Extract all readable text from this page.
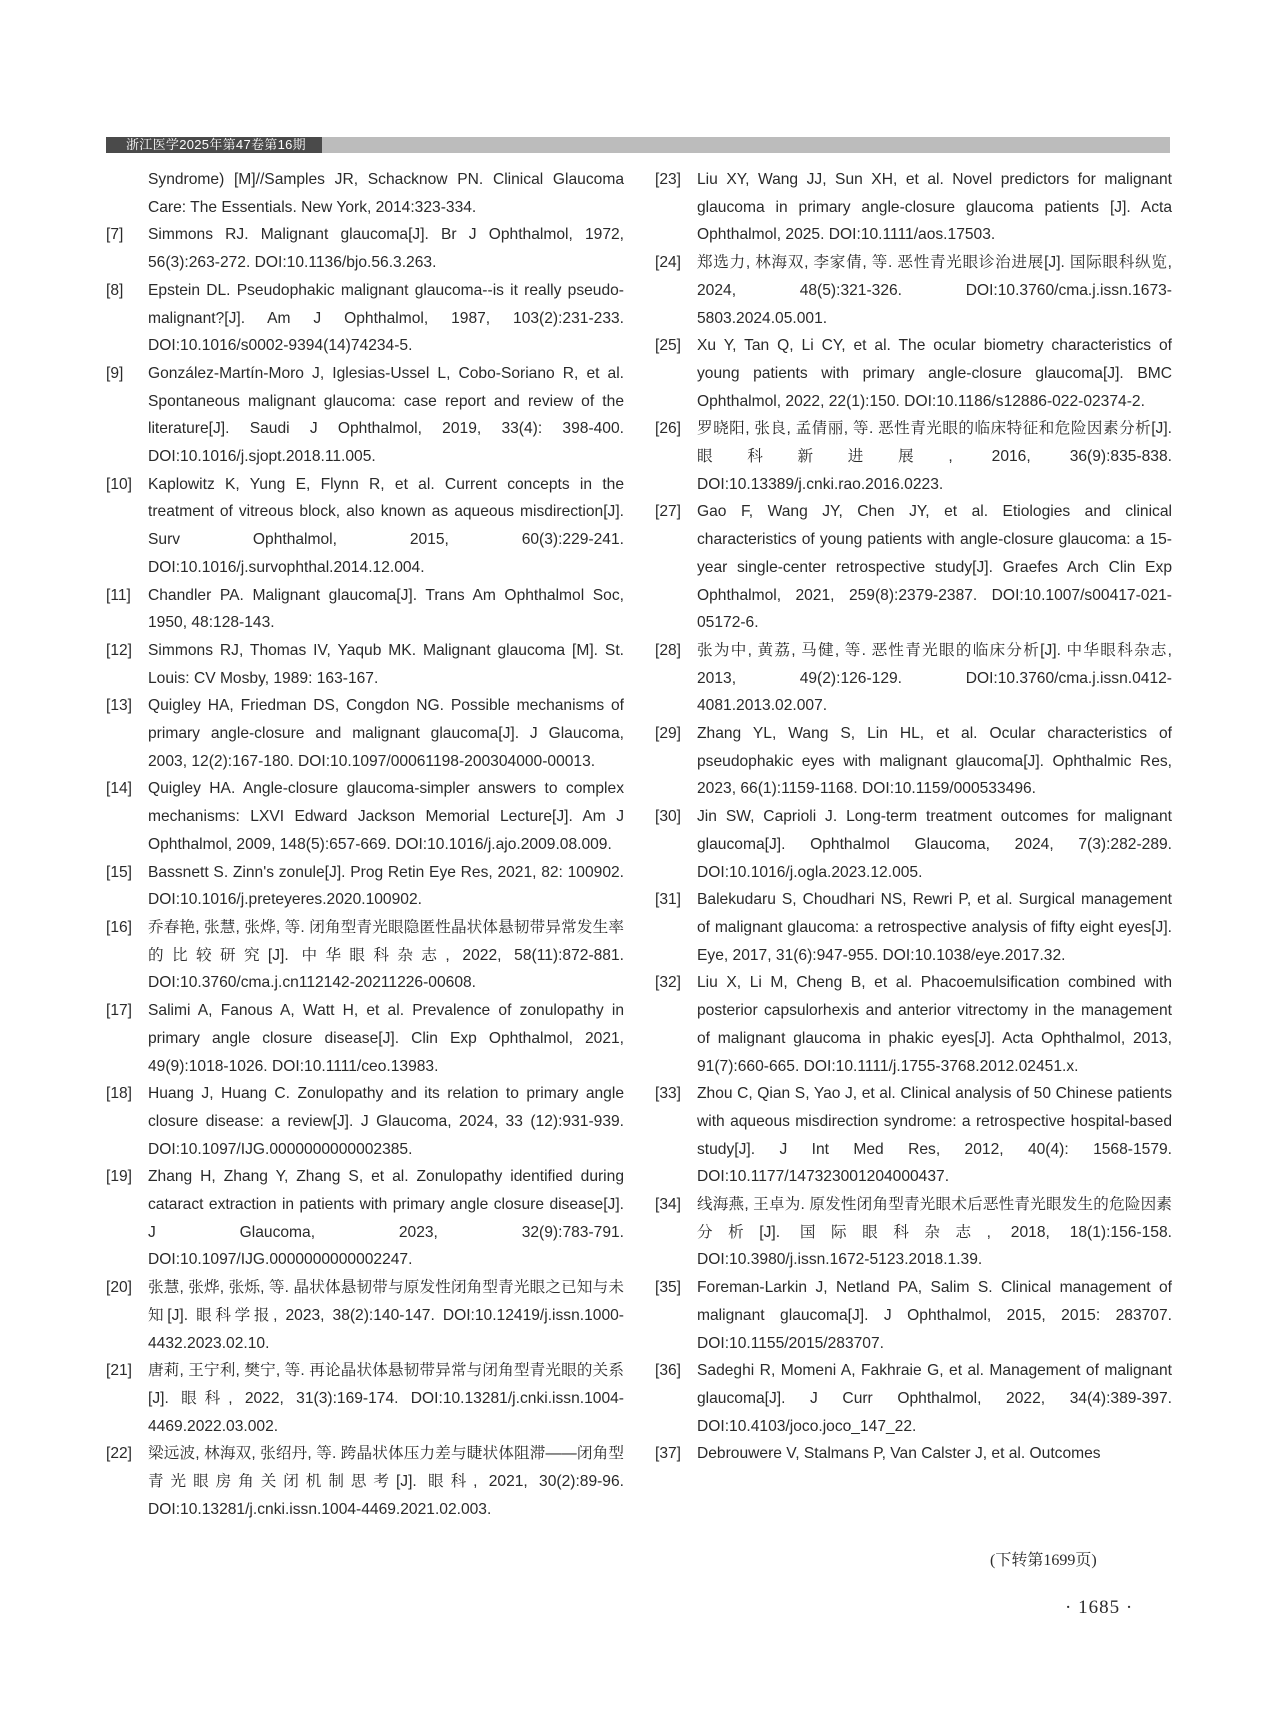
浙江医学2025年第47卷第16期
Syndrome) [M]//Samples JR, Schacknow PN. Clinical Glaucoma Care: The Essentials. New York, 2014:323-334.
[7] Simmons RJ. Malignant glaucoma[J]. Br J Ophthalmol, 1972, 56(3):263-272. DOI:10.1136/bjo.56.3.263.
[8] Epstein DL. Pseudophakic malignant glaucoma--is it really pseudo-malignant?[J]. Am J Ophthalmol, 1987, 103(2):231-233. DOI:10.1016/s0002-9394(14)74234-5.
[9] González-Martín-Moro J, Iglesias-Ussel L, Cobo-Soriano R, et al. Spontaneous malignant glaucoma: case report and review of the literature[J]. Saudi J Ophthalmol, 2019, 33(4): 398-400. DOI:10.1016/j.sjopt.2018.11.005.
[10] Kaplowitz K, Yung E, Flynn R, et al. Current concepts in the treatment of vitreous block, also known as aqueous misdirection[J]. Surv Ophthalmol, 2015, 60(3):229-241. DOI:10.1016/j.survophthal.2014.12.004.
[11] Chandler PA. Malignant glaucoma[J]. Trans Am Ophthalmol Soc, 1950, 48:128-143.
[12] Simmons RJ, Thomas IV, Yaqub MK. Malignant glaucoma [M]. St. Louis: CV Mosby, 1989: 163-167.
[13] Quigley HA, Friedman DS, Congdon NG. Possible mechanisms of primary angle-closure and malignant glaucoma[J]. J Glaucoma, 2003, 12(2):167-180. DOI:10.1097/00061198-200304000-00013.
[14] Quigley HA. Angle-closure glaucoma-simpler answers to complex mechanisms: LXVI Edward Jackson Memorial Lecture[J]. Am J Ophthalmol, 2009, 148(5):657-669. DOI:10.1016/j.ajo.2009.08.009.
[15] Bassnett S. Zinn's zonule[J]. Prog Retin Eye Res, 2021, 82: 100902. DOI:10.1016/j.preteyeres.2020.100902.
[16] 乔春艳, 张慧, 张烨, 等. 闭角型青光眼隐匿性晶状体悬韧带异常发生率的比较研究[J]. 中华眼科杂志, 2022, 58(11):872-881. DOI:10.3760/cma.j.cn112142-20211226-00608.
[17] Salimi A, Fanous A, Watt H, et al. Prevalence of zonulopathy in primary angle closure disease[J]. Clin Exp Ophthalmol, 2021, 49(9):1018-1026. DOI:10.1111/ceo.13983.
[18] Huang J, Huang C. Zonulopathy and its relation to primary angle closure disease: a review[J]. J Glaucoma, 2024, 33 (12):931-939. DOI:10.1097/IJG.0000000000002385.
[19] Zhang H, Zhang Y, Zhang S, et al. Zonulopathy identified during cataract extraction in patients with primary angle closure disease[J]. J Glaucoma, 2023, 32(9):783-791. DOI:10.1097/IJG.0000000000002247.
[20] 张慧, 张烨, 张烁, 等. 晶状体悬韧带与原发性闭角型青光眼之已知与未知[J]. 眼科学报, 2023, 38(2):140-147. DOI:10.12419/j.issn.1000-4432.2023.02.10.
[21] 唐莉, 王宁利, 樊宁, 等. 再论晶状体悬韧带异常与闭角型青光眼的关系[J]. 眼科, 2022, 31(3):169-174. DOI:10.13281/j.cnki.issn.1004-4469.2022.03.002.
[22] 梁远波, 林海双, 张绍丹, 等. 跨晶状体压力差与睫状体阻滞——闭角型青光眼房角关闭机制思考[J]. 眼科, 2021, 30(2):89-96. DOI:10.13281/j.cnki.issn.1004-4469.2021.02.003.
[23] Liu XY, Wang JJ, Sun XH, et al. Novel predictors for malignant glaucoma in primary angle-closure glaucoma patients [J]. Acta Ophthalmol, 2025. DOI:10.1111/aos.17503.
[24] 郑选力, 林海双, 李家倩, 等. 恶性青光眼诊治进展[J]. 国际眼科纵览, 2024, 48(5):321-326. DOI:10.3760/cma.j.issn.1673-5803.2024.05.001.
[25] Xu Y, Tan Q, Li CY, et al. The ocular biometry characteristics of young patients with primary angle-closure glaucoma[J]. BMC Ophthalmol, 2022, 22(1):150. DOI:10.1186/s12886-022-02374-2.
[26] 罗晓阳, 张良, 孟倩丽, 等. 恶性青光眼的临床特征和危险因素分析[J]. 眼科新进展, 2016, 36(9):835-838. DOI:10.13389/j.cnki.rao.2016.0223.
[27] Gao F, Wang JY, Chen JY, et al. Etiologies and clinical characteristics of young patients with angle-closure glaucoma: a 15-year single-center retrospective study[J]. Graefes Arch Clin Exp Ophthalmol, 2021, 259(8):2379-2387. DOI:10.1007/s00417-021-05172-6.
[28] 张为中, 黄荔, 马健, 等. 恶性青光眼的临床分析[J]. 中华眼科杂志, 2013, 49(2):126-129. DOI:10.3760/cma.j.issn.0412-4081.2013.02.007.
[29] Zhang YL, Wang S, Lin HL, et al. Ocular characteristics of pseudophakic eyes with malignant glaucoma[J]. Ophthalmic Res, 2023, 66(1):1159-1168. DOI:10.1159/000533496.
[30] Jin SW, Caprioli J. Long-term treatment outcomes for malignant glaucoma[J]. Ophthalmol Glaucoma, 2024, 7(3):282-289. DOI:10.1016/j.ogla.2023.12.005.
[31] Balekudaru S, Choudhari NS, Rewri P, et al. Surgical management of malignant glaucoma: a retrospective analysis of fifty eight eyes[J]. Eye, 2017, 31(6):947-955. DOI:10.1038/eye.2017.32.
[32] Liu X, Li M, Cheng B, et al. Phacoemulsification combined with posterior capsulorhexis and anterior vitrectomy in the management of malignant glaucoma in phakic eyes[J]. Acta Ophthalmol, 2013, 91(7):660-665. DOI:10.1111/j.1755-3768.2012.02451.x.
[33] Zhou C, Qian S, Yao J, et al. Clinical analysis of 50 Chinese patients with aqueous misdirection syndrome: a retrospective hospital-based study[J]. J Int Med Res, 2012, 40(4): 1568-1579. DOI:10.1177/147323001204000437.
[34] 线海燕, 王卓为. 原发性闭角型青光眼术后恶性青光眼发生的危险因素分析[J]. 国际眼科杂志, 2018, 18(1):156-158. DOI:10.3980/j.issn.1672-5123.2018.1.39.
[35] Foreman-Larkin J, Netland PA, Salim S. Clinical management of malignant glaucoma[J]. J Ophthalmol, 2015, 2015: 283707. DOI:10.1155/2015/283707.
[36] Sadeghi R, Momeni A, Fakhraie G, et al. Management of malignant glaucoma[J]. J Curr Ophthalmol, 2022, 34(4):389-397. DOI:10.4103/joco.joco_147_22.
[37] Debrouwere V, Stalmans P, Van Calster J, et al. Outcomes
(下转第1699页)
· 1685 ·
